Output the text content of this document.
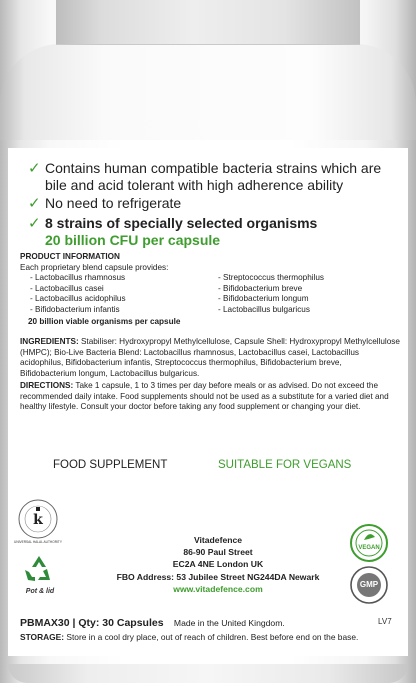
✓ Contains human compatible bacteria strains which are bile and acid tolerant with high adherence ability
✓ No need to refrigerate
✓ 8 strains of specially selected organisms
20 billion CFU per capsule
PRODUCT INFORMATION
Each proprietary blend capsule provides:
- Lactobacillus rhamnosus
- Lactobacillus casei
- Lactobacillus acidophilus
- Bifidobacterium infantis
- Streptococcus thermophilus
- Bifidobacterium breve
- Bifidobacterium longum
- Lactobacillus bulgaricus
20 billion viable organisms per capsule
INGREDIENTS: Stabiliser: Hydroxypropyl Methylcellulose, Capsule Shell: Hydroxypropyl Methylcellulose (HMPC); Bio-Live Bacteria Blend: Lactobacillus rhamnosus, Lactobacillus casei, Lactobacillus acidophilus, Bifidobacterium infantis, Streptococcus thermophilus, Bifidobacterium breve, Bifidobacterium longum, Lactobacillus bulgaricus.
DIRECTIONS: Take 1 capsule, 1 to 3 times per day before meals or as advised. Do not exceed the recommended daily intake. Food supplements should not be used as a substitute for a varied diet and healthy lifestyle. Consult your doctor before taking any food supplement or changing your diet.
FOOD SUPPLEMENT	SUITABLE FOR VEGANS
k
UNIVERSAL HALAL AUTHORITY
Pot & lid
Vitadefence
86-90 Paul Street
EC2A 4NE London UK
FBO Address: 53 Jubilee Street NG244DA Newark
www.vitadefence.com
VEGAN
GMP
LV7
PBMAX30 | Qty: 30 Capsules Made in the United Kingdom.
STORAGE: Store in a cool dry place, out of reach of children. Best before end on the base.
